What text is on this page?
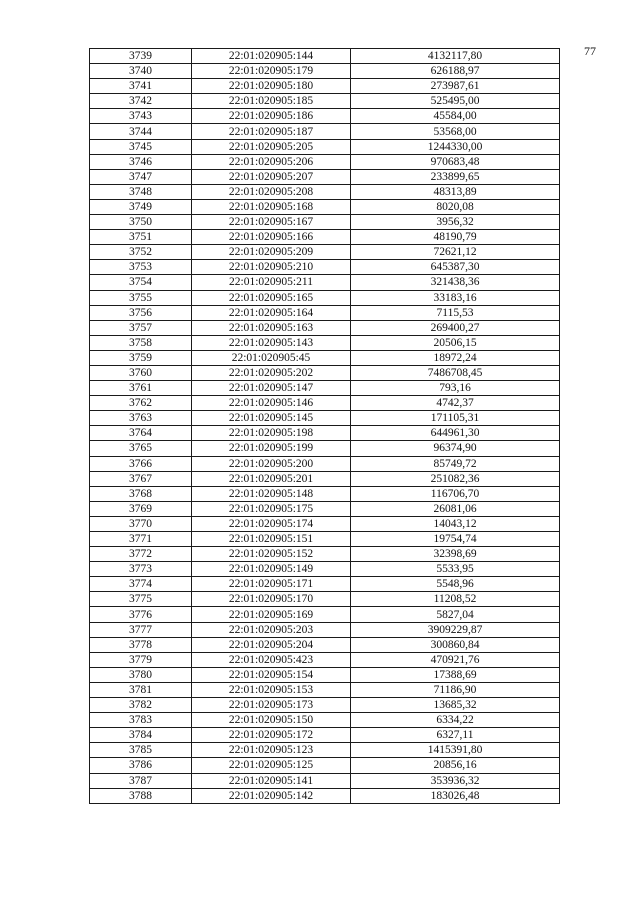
77
3739	22:01:020905:144	4132117,80
3740	22:01:020905:179	626188,97
3741	22:01:020905:180	273987,61
3742	22:01:020905:185	525495,00
3743	22:01:020905:186	45584,00
3744	22:01:020905:187	53568,00
3745	22:01:020905:205	1244330,00
3746	22:01:020905:206	970683,48
3747	22:01:020905:207	233899,65
3748	22:01:020905:208	48313,89
3749	22:01:020905:168	8020,08
3750	22:01:020905:167	3956,32
3751	22:01:020905:166	48190,79
3752	22:01:020905:209	72621,12
3753	22:01:020905:210	645387,30
3754	22:01:020905:211	321438,36
3755	22:01:020905:165	33183,16
3756	22:01:020905:164	7115,53
3757	22:01:020905:163	269400,27
3758	22:01:020905:143	20506,15
3759	22:01:020905:45	18972,24
3760	22:01:020905:202	7486708,45
3761	22:01:020905:147	793,16
3762	22:01:020905:146	4742,37
3763	22:01:020905:145	171105,31
3764	22:01:020905:198	644961,30
3765	22:01:020905:199	96374,90
3766	22:01:020905:200	85749,72
3767	22:01:020905:201	251082,36
3768	22:01:020905:148	116706,70
3769	22:01:020905:175	26081,06
3770	22:01:020905:174	14043,12
3771	22:01:020905:151	19754,74
3772	22:01:020905:152	32398,69
3773	22:01:020905:149	5533,95
3774	22:01:020905:171	5548,96
3775	22:01:020905:170	11208,52
3776	22:01:020905:169	5827,04
3777	22:01:020905:203	3909229,87
3778	22:01:020905:204	300860,84
3779	22:01:020905:423	470921,76
3780	22:01:020905:154	17388,69
3781	22:01:020905:153	71186,90
3782	22:01:020905:173	13685,32
3783	22:01:020905:150	6334,22
3784	22:01:020905:172	6327,11
3785	22:01:020905:123	1415391,80
3786	22:01:020905:125	20856,16
3787	22:01:020905:141	353936,32
3788	22:01:020905:142	183026,48
